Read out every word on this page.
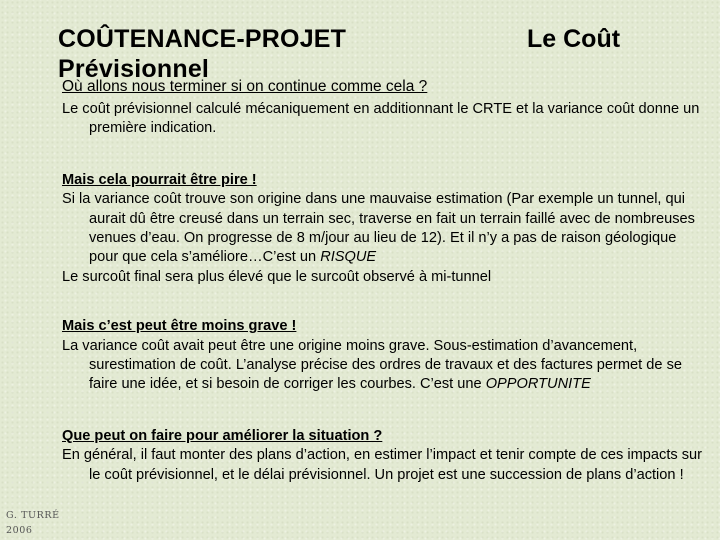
COÛTENANCE-PROJET Prévisionnel
Le Coût
Où allons nous terminer si on continue comme cela ?

Le coût prévisionnel calculé mécaniquement en additionnant le CRTE et la variance coût donne un première indication.

Mais cela pourrait être pire !

Si la variance coût trouve son origine dans une mauvaise estimation (Par exemple un tunnel, qui aurait dû être creusé dans un terrain sec, traverse en fait un terrain faillé avec de nombreuses venues d’eau. On progresse de 8 m/jour au lieu de 12). Et il n’y a pas de raison géologique pour que cela s’améliore…C’est un RISQUE

Le surcoût final sera plus élevé que le surcoût observé à mi-tunnel

Mais c’est peut être moins grave !

La variance coût avait peut être une origine moins grave. Sous-estimation d’avancement, surestimation de coût. L’analyse précise des ordres de travaux et des factures permet de se faire une idée, et si besoin de corriger les courbes. C’est une OPPORTUNITE

Que peut on faire pour améliorer la situation ?

En général, il faut monter des plans d’action, en estimer l’impact et tenir compte de ces impacts sur le coût prévisionnel, et le délai prévisionnel. Un projet est une succession de plans d’action !

G. TURRÉ
2006
